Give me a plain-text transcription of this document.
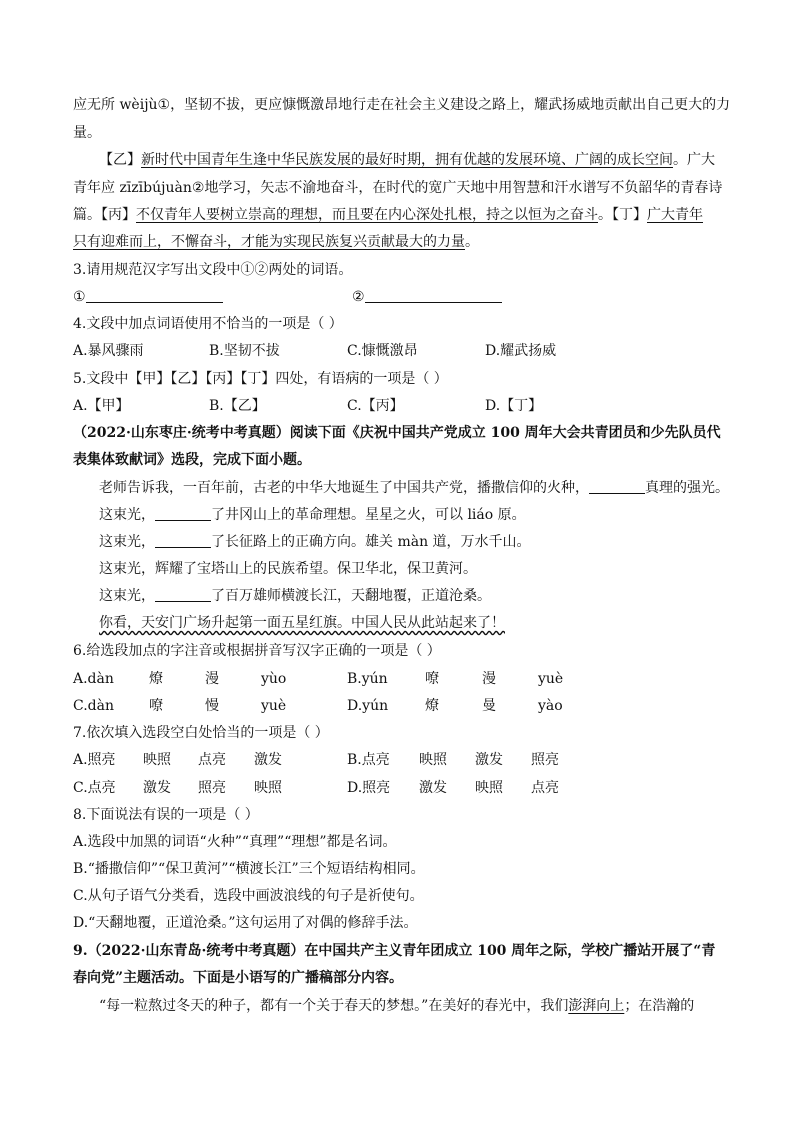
应无所 wèijù①，坚韧不拔，更应慷慨激昂地行走在社会主义建设之路上，耀武扬威地贡献出自己更大的力
量。
【乙】新时代中国青年生逢中华民族发展的最好时期，拥有优越的发展环境、广阔的成长空间。广大
青年应 zīzībújuàn②地学习，矢志不渝地奋斗，在时代的宽广天地中用智慧和汗水谱写不负韶华的青春诗
篇。【丙】不仅青年人要树立崇高的理想，而且要在内心深处扎根，持之以恒为之奋斗。【丁】广大青年
只有迎难而上，不懈奋斗，才能为实现民族复兴贡献最大的力量。
3.请用规范汉字写出文段中①②两处的词语。
①	②
4.文段中加点词语使用不恰当的一项是（ ）
A.暴风骤雨	B.坚韧不拔	C.慷慨激昂	D.耀武扬威
5.文段中【甲】【乙】【丙】【丁】四处，有语病的一项是（ ）
A.【甲】	B.【乙】	C.【丙】	D.【丁】
（2022·山东枣庄·统考中考真题）阅读下面《庆祝中国共产党成立 100 周年大会共青团员和少先队员代
表集体致献词》选段，完成下面小题。
老师告诉我，一百年前，古老的中华大地诞生了中国共产党，播撒信仰的火种，	真理的强光。
这束光，	了井冈山上的革命理想。星星之火，可以 liáo 原。
这束光，	了长征路上的正确方向。雄关 màn 道，万水千山。
这束光，辉耀了宝塔山上的民族希望。保卫华北，保卫黄河。
这束光，	了百万雄师横渡长江，天翻地覆，正道沧桑。
你看，天安门广场升起第一面五星红旗。中国人民从此站起来了！
6.给选段加点的字注音或根据拼音写汉字正确的一项是（ ）
A.dàn	燎	漫	yùo	B.yún	嘹	漫	yuè
C.dàn	嘹	慢	yuè	D.yún	燎	曼	yào
7.依次填入选段空白处恰当的一项是（ ）
A.照亮 映照 点亮 激发	B.点亮 映照 激发 照亮
C.点亮 激发 照亮 映照	D.照亮 激发 映照 点亮
8.下面说法有误的一项是（ ）
A.选段中加黑的词语“火种”“真理”“理想”都是名词。
B.“播撒信仰”“保卫黄河”“横渡长江”三个短语结构相同。
C.从句子语气分类看，选段中画波浪线的句子是祈使句。
D.“天翻地覆，正道沧桑。”这句运用了对偶的修辞手法。
9.（2022·山东青岛·统考中考真题）在中国共产主义青年团成立 100 周年之际，学校广播站开展了“青
春向党”主题活动。下面是小语写的广播稿部分内容。
“每一粒熬过冬天的种子，都有一个关于春天的梦想。”在美好的春光中，我们澎湃向上；在浩瀚的
